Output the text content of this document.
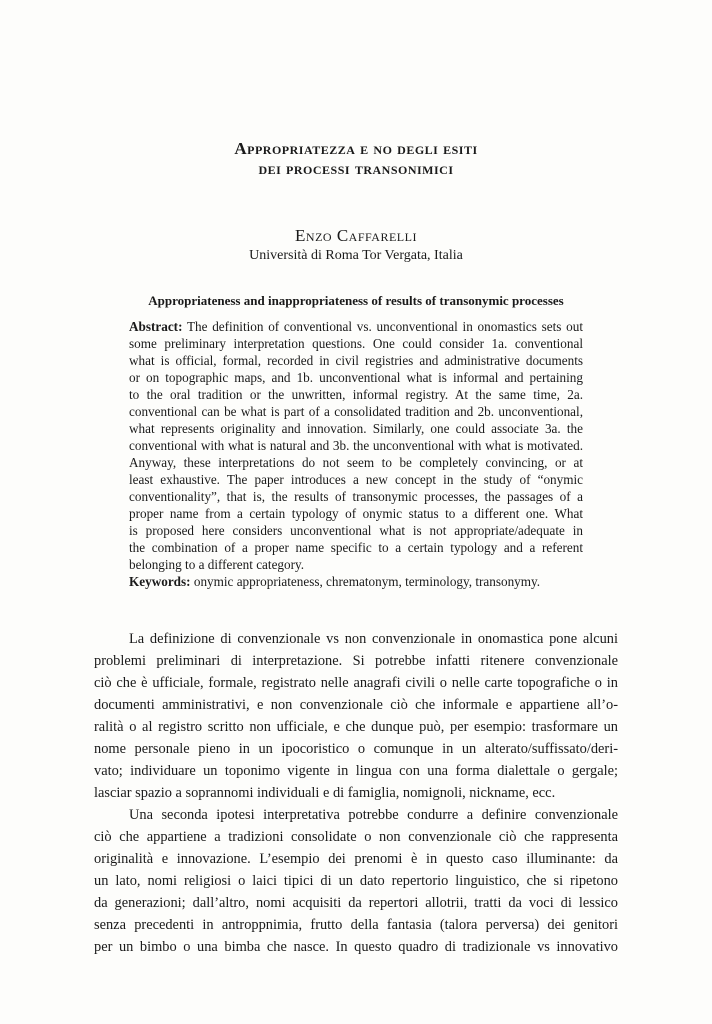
Appropriatezza e no degli esiti
dei processi transonimici
Enzo Caffarelli
Università di Roma Tor Vergata, Italia
Appropriateness and inappropriateness of results of transonymic processes
Abstract: The definition of conventional vs. unconventional in onomastics sets out
some preliminary interpretation questions. One could consider 1a. conventional
what is official, formal, recorded in civil registries and administrative documents
or on topographic maps, and 1b. unconventional what is informal and pertaining
to the oral tradition or the unwritten, informal registry. At the same time, 2a.
conventional can be what is part of a consolidated tradition and 2b. unconventional,
what represents originality and innovation. Similarly, one could associate 3a. the
conventional with what is natural and 3b. the unconventional with what is motivated.
Anyway, these interpretations do not seem to be completely convincing, or at
least exhaustive. The paper introduces a new concept in the study of “onymic
conventionality”, that is, the results of transonymic processes, the passages of a
proper name from a certain typology of onymic status to a different one. What
is proposed here considers unconventional what is not appropriate/adequate in
the combination of a proper name specific to a certain typology and a referent
belonging to a different category.
Keywords: onymic appropriateness, chrematonym, terminology, transonymy.
La definizione di convenzionale vs non convenzionale in onomastica pone alcuni
problemi preliminari di interpretazione. Si potrebbe infatti ritenere convenzionale
ciò che è ufficiale, formale, registrato nelle anagrafi civili o nelle carte topografiche o in
documenti amministrativi, e non convenzionale ciò che informale e appartiene all’o-
ralità o al registro scritto non ufficiale, e che dunque può, per esempio: trasformare un
nome personale pieno in un ipocoristico o comunque in un alterato/suffissato/deri-
vato; individuare un toponimo vigente in lingua con una forma dialettale o gergale;
lasciar spazio a soprannomi individuali e di famiglia, nomignoli, nickname, ecc.
Una seconda ipotesi interpretativa potrebbe condurre a definire convenzionale
ciò che appartiene a tradizioni consolidate o non convenzionale ciò che rappresenta
originalità e innovazione. L’esempio dei prenomi è in questo caso illuminante: da
un lato, nomi religiosi o laici tipici di un dato repertorio linguistico, che si ripetono
da generazioni; dall’altro, nomi acquisiti da repertori allotrii, tratti da voci di lessico
senza precedenti in antroppnimia, frutto della fantasia (talora perversa) dei genitori
per un bimbo o una bimba che nasce. In questo quadro di tradizionale vs innovativo
